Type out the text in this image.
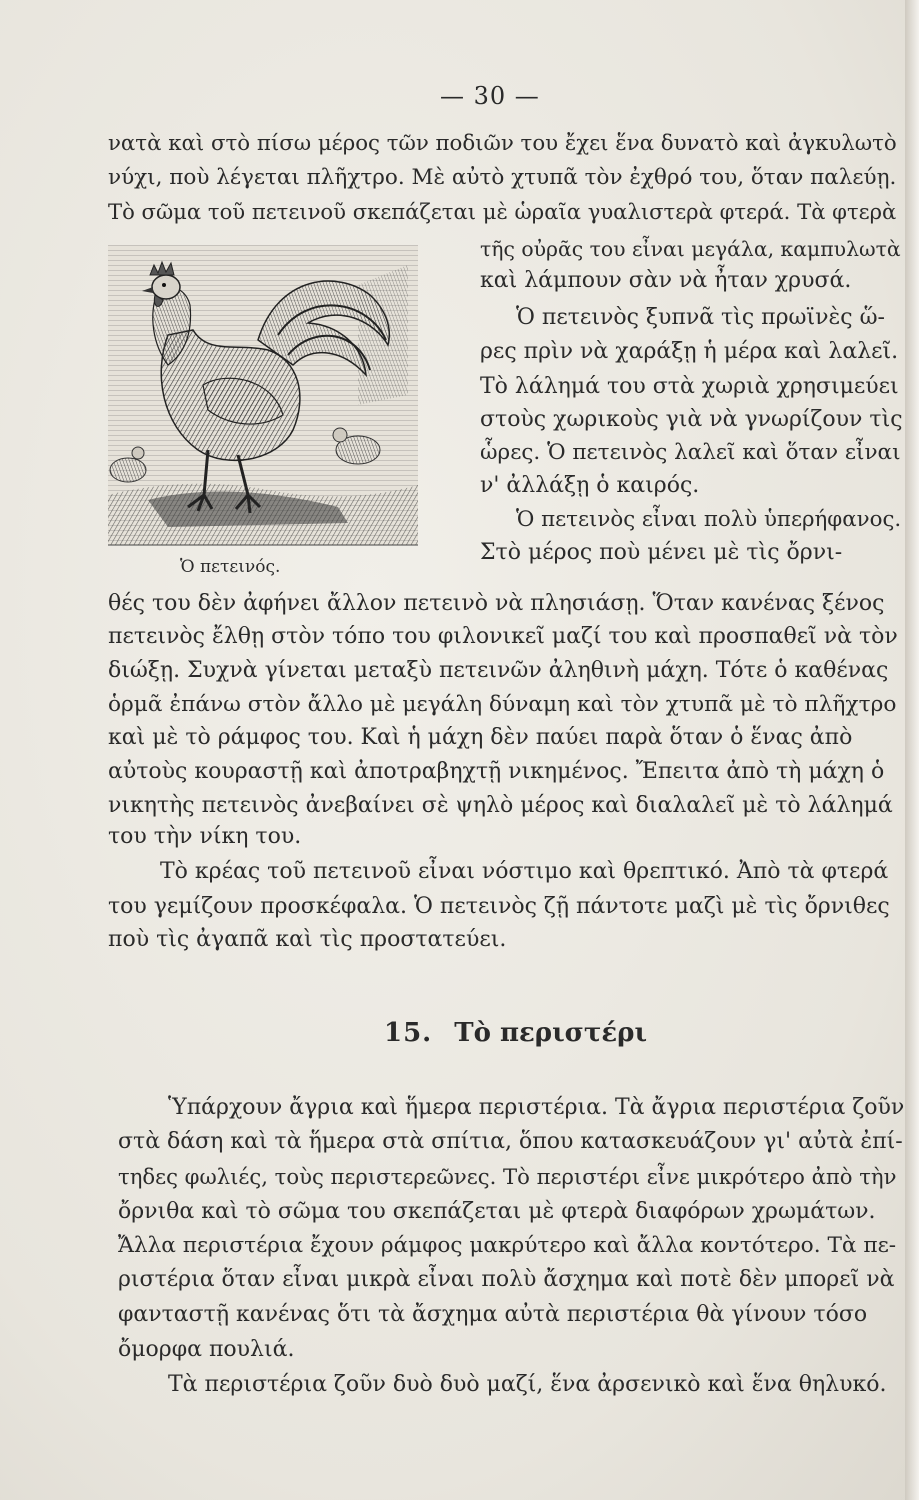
— 30 —
νατὰ καὶ στὸ πίσω μέρος τῶν ποδιῶν του ἔχει ἕνα δυνατὸ καὶ ἀγκυλωτὸ
νύχι, ποὺ λέγεται πλῆχτρο. Μὲ αὐτὸ χτυπᾶ τὸν ἐχθρό του, ὅταν παλεύῃ.
Τὸ σῶμα τοῦ πετεινοῦ σκεπάζεται μὲ ὡραῖα γυαλιστερὰ φτερά. Τὰ φτερὰ
τῆς οὐρᾶς του εἶναι μεγάλα, καμπυλωτὰ
καὶ λάμπουν σὰν νὰ ἦταν χρυσά.
Ὁ πετεινὸς ξυπνᾶ τὶς πρωϊνὲς ὥ-
ρες πρὶν νὰ χαράξῃ ἡ μέρα καὶ λαλεῖ.
Τὸ λάλημά του στὰ χωριὰ χρησιμεύει
στοὺς χωρικοὺς γιὰ νὰ γνωρίζουν τὶς
ὧρες. Ὁ πετεινὸς λαλεῖ καὶ ὅταν εἶναι
ν' ἀλλάξῃ ὁ καιρός.
Ὁ πετεινὸς εἶναι πολὺ ὑπερήφανος.
Στὸ μέρος ποὺ μένει μὲ τὶς ὄρνι-
Ὁ πετεινός.
θές του δὲν ἀφήνει ἄλλον πετεινὸ νὰ πλησιάσῃ. Ὅταν κανένας ξένος
πετεινὸς ἔλθῃ στὸν τόπο του φιλονικεῖ μαζί του καὶ προσπαθεῖ νὰ τὸν
διώξῃ. Συχνὰ γίνεται μεταξὺ πετεινῶν ἀληθινὴ μάχη. Τότε ὁ καθένας
ὁρμᾶ ἐπάνω στὸν ἄλλο μὲ μεγάλη δύναμη καὶ τὸν χτυπᾶ μὲ τὸ πλῆχτρο
καὶ μὲ τὸ ράμφος του. Καὶ ἡ μάχη δὲν παύει παρὰ ὅταν ὁ ἕνας ἀπὸ
αὐτοὺς κουραστῇ καὶ ἀποτραβηχτῇ νικημένος. Ἔπειτα ἀπὸ τὴ μάχη ὁ
νικητὴς πετεινὸς ἀνεβαίνει σὲ ψηλὸ μέρος καὶ διαλαλεῖ μὲ τὸ λάλημά
του τὴν νίκη του.
Τὸ κρέας τοῦ πετεινοῦ εἶναι νόστιμο καὶ θρεπτικό. Ἀπὸ τὰ φτερά
του γεμίζουν προσκέφαλα. Ὁ πετεινὸς ζῇ πάντοτε μαζὶ μὲ τὶς ὄρνιθες
ποὺ τὶς ἀγαπᾶ καὶ τὶς προστατεύει.
15. Τὸ περιστέρι
Ὑπάρχουν ἄγρια καὶ ἥμερα περιστέρια. Τὰ ἄγρια περιστέρια ζοῦν
στὰ δάση καὶ τὰ ἥμερα στὰ σπίτια, ὅπου κατασκευάζουν γι' αὐτὰ ἐπί-
τηδες φωλιές, τοὺς περιστερεῶνες. Τὸ περιστέρι εἶνε μικρότερο ἀπὸ τὴν
ὄρνιθα καὶ τὸ σῶμα του σκεπάζεται μὲ φτερὰ διαφόρων χρωμάτων.
Ἄλλα περιστέρια ἔχουν ράμφος μακρύτερο καὶ ἄλλα κοντότερο. Τὰ πε-
ριστέρια ὅταν εἶναι μικρὰ εἶναι πολὺ ἄσχημα καὶ ποτὲ δὲν μπορεῖ νὰ
φανταστῇ κανένας ὅτι τὰ ἄσχημα αὐτὰ περιστέρια θὰ γίνουν τόσο
ὄμορφα πουλιά.
Τὰ περιστέρια ζοῦν δυὸ δυὸ μαζί, ἕνα ἀρσενικὸ καὶ ἕνα θηλυκό.
